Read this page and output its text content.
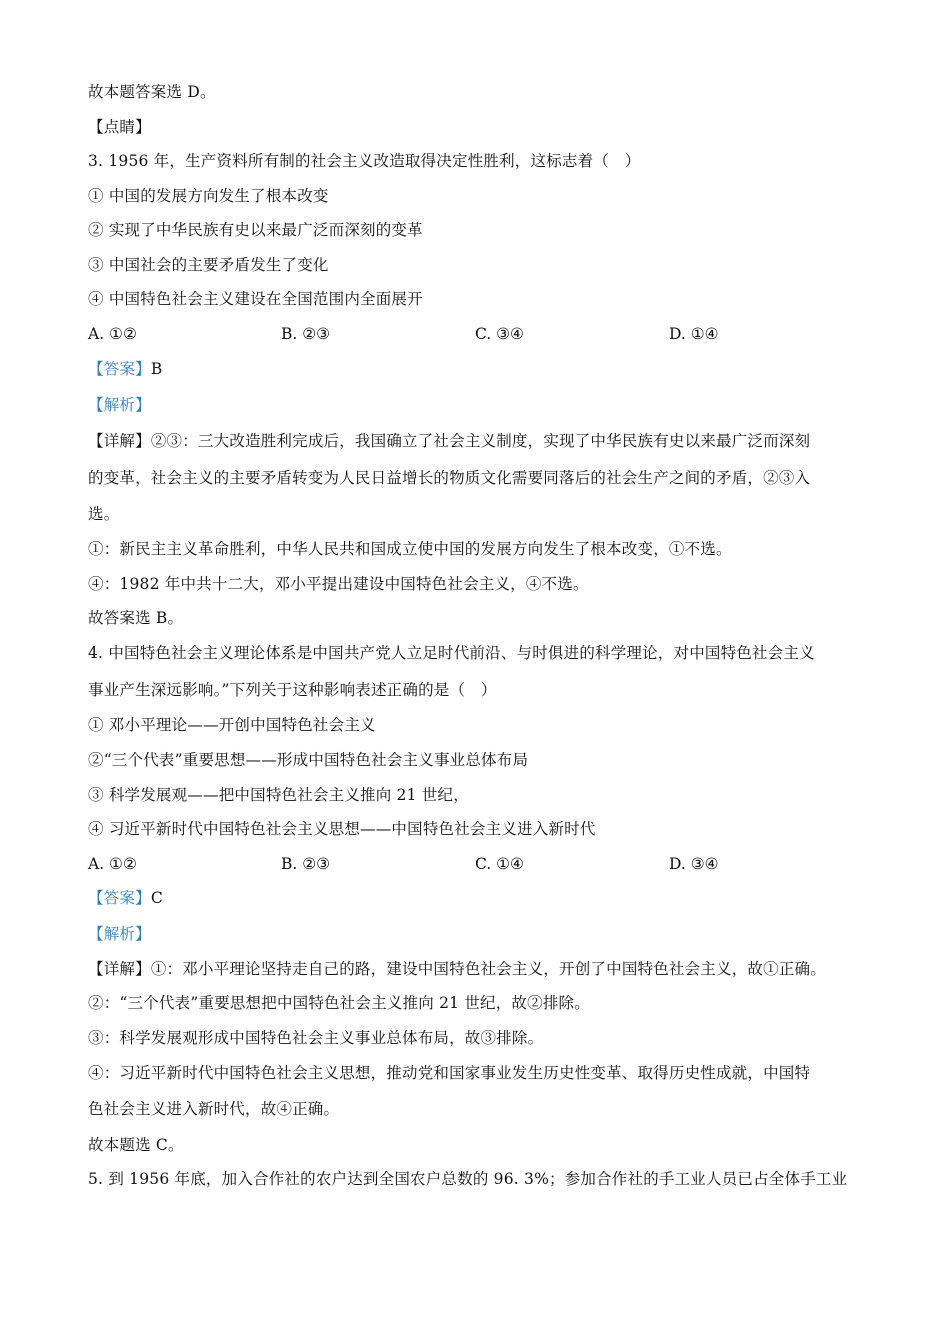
故本题答案选 D。
【点睛】
3. 1956 年，生产资料所有制的社会主义改造取得决定性胜利，这标志着（　）
① 中国的发展方向发生了根本改变
② 实现了中华民族有史以来最广泛而深刻的变革
③ 中国社会的主要矛盾发生了变化
④ 中国特色社会主义建设在全国范围内全面展开
A. ①②	B. ②③	C. ③④	D. ①④
【答案】B
【解析】
【详解】②③：三大改造胜利完成后，我国确立了社会主义制度，实现了中华民族有史以来最广泛而深刻
的变革，社会主义的主要矛盾转变为人民日益增长的物质文化需要同落后的社会生产之间的矛盾，②③入
选。
①：新民主主义革命胜利，中华人民共和国成立使中国的发展方向发生了根本改变，①不选。
④：1982 年中共十二大，邓小平提出建设中国特色社会主义，④不选。
故答案选 B。
4. 中国特色社会主义理论体系是中国共产党人立足时代前沿、与时俱进的科学理论，对中国特色社会主义
事业产生深远影响。”下列关于这种影响表述正确的是（　）
① 邓小平理论——开创中国特色社会主义
②“三个代表”重要思想——形成中国特色社会主义事业总体布局
③ 科学发展观——把中国特色社会主义推向 21 世纪，
④ 习近平新时代中国特色社会主义思想——中国特色社会主义进入新时代
A. ①②	B. ②③	C. ①④	D. ③④
【答案】C
【解析】
【详解】①：邓小平理论坚持走自己的路，建设中国特色社会主义，开创了中国特色社会主义，故①正确。
②：“三个代表”重要思想把中国特色社会主义推向 21 世纪，故②排除。
③：科学发展观形成中国特色社会主义事业总体布局，故③排除。
④：习近平新时代中国特色社会主义思想，推动党和国家事业发生历史性变革、取得历史性成就，中国特
色社会主义进入新时代，故④正确。
故本题选 C。
5. 到 1956 年底，加入合作社的农户达到全国农户总数的 96. 3%；参加合作社的手工业人员已占全体手工业
